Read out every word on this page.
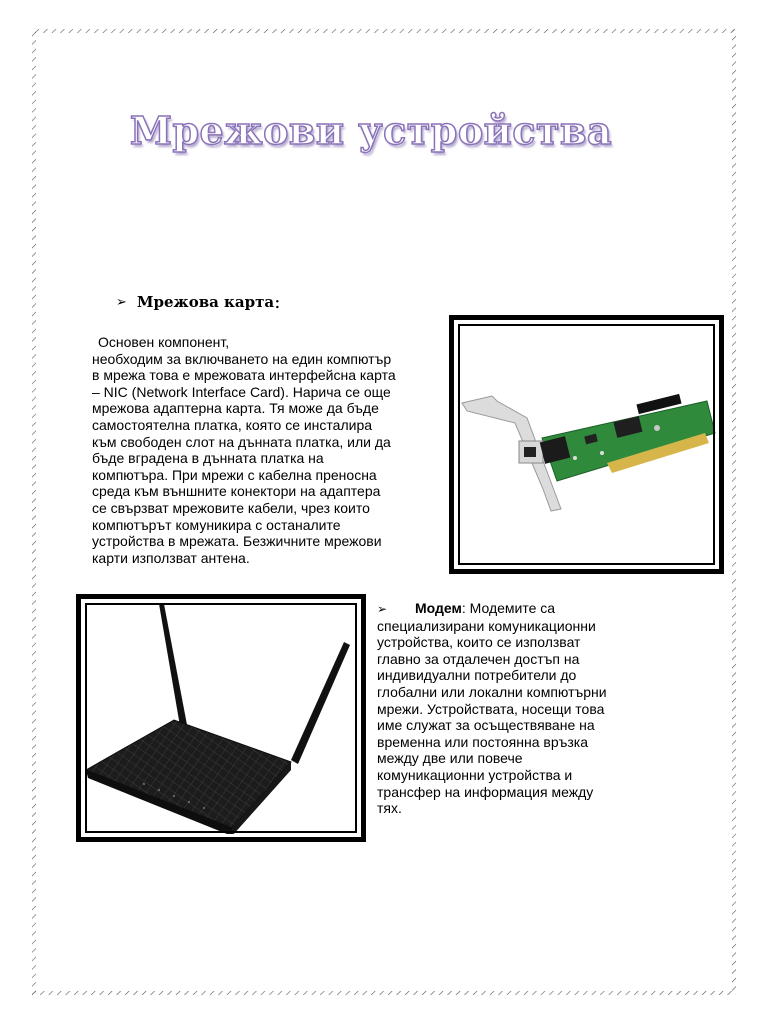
Мрежови устройства
➢ Мрежова карта :
Основен компонент,
необходим за включването на един компютър
в мрежа това е мрежовата интерфейсна карта
– NIC (Network Interface Card). Нарича се още
мрежова адаптерна карта. Тя може да бъде
самостоятелна платка, която се инсталира
към свободен слот на дънната платка, или да
бъде вградена в дънната платка на
компютъра. При мрежи с кабелна преносна
среда към външните конектори на адаптера
се свързват мрежовите кабели, чрез които
компютърът комуникира с останалите
устройства в мрежата. Безжичните мрежови
карти използват антена.
➢ Модем: Модемите са
специализирани комуникационни
устройства, които се използват
главно за отдалечен достъп на
индивидуални потребители до
глобални или локални компютърни
мрежи. Устройствата, носещи това
име служат за осъществяване на
временна или постоянна връзка
между две или повече
комуникационни устройства и
трансфер на информация между
тях.
